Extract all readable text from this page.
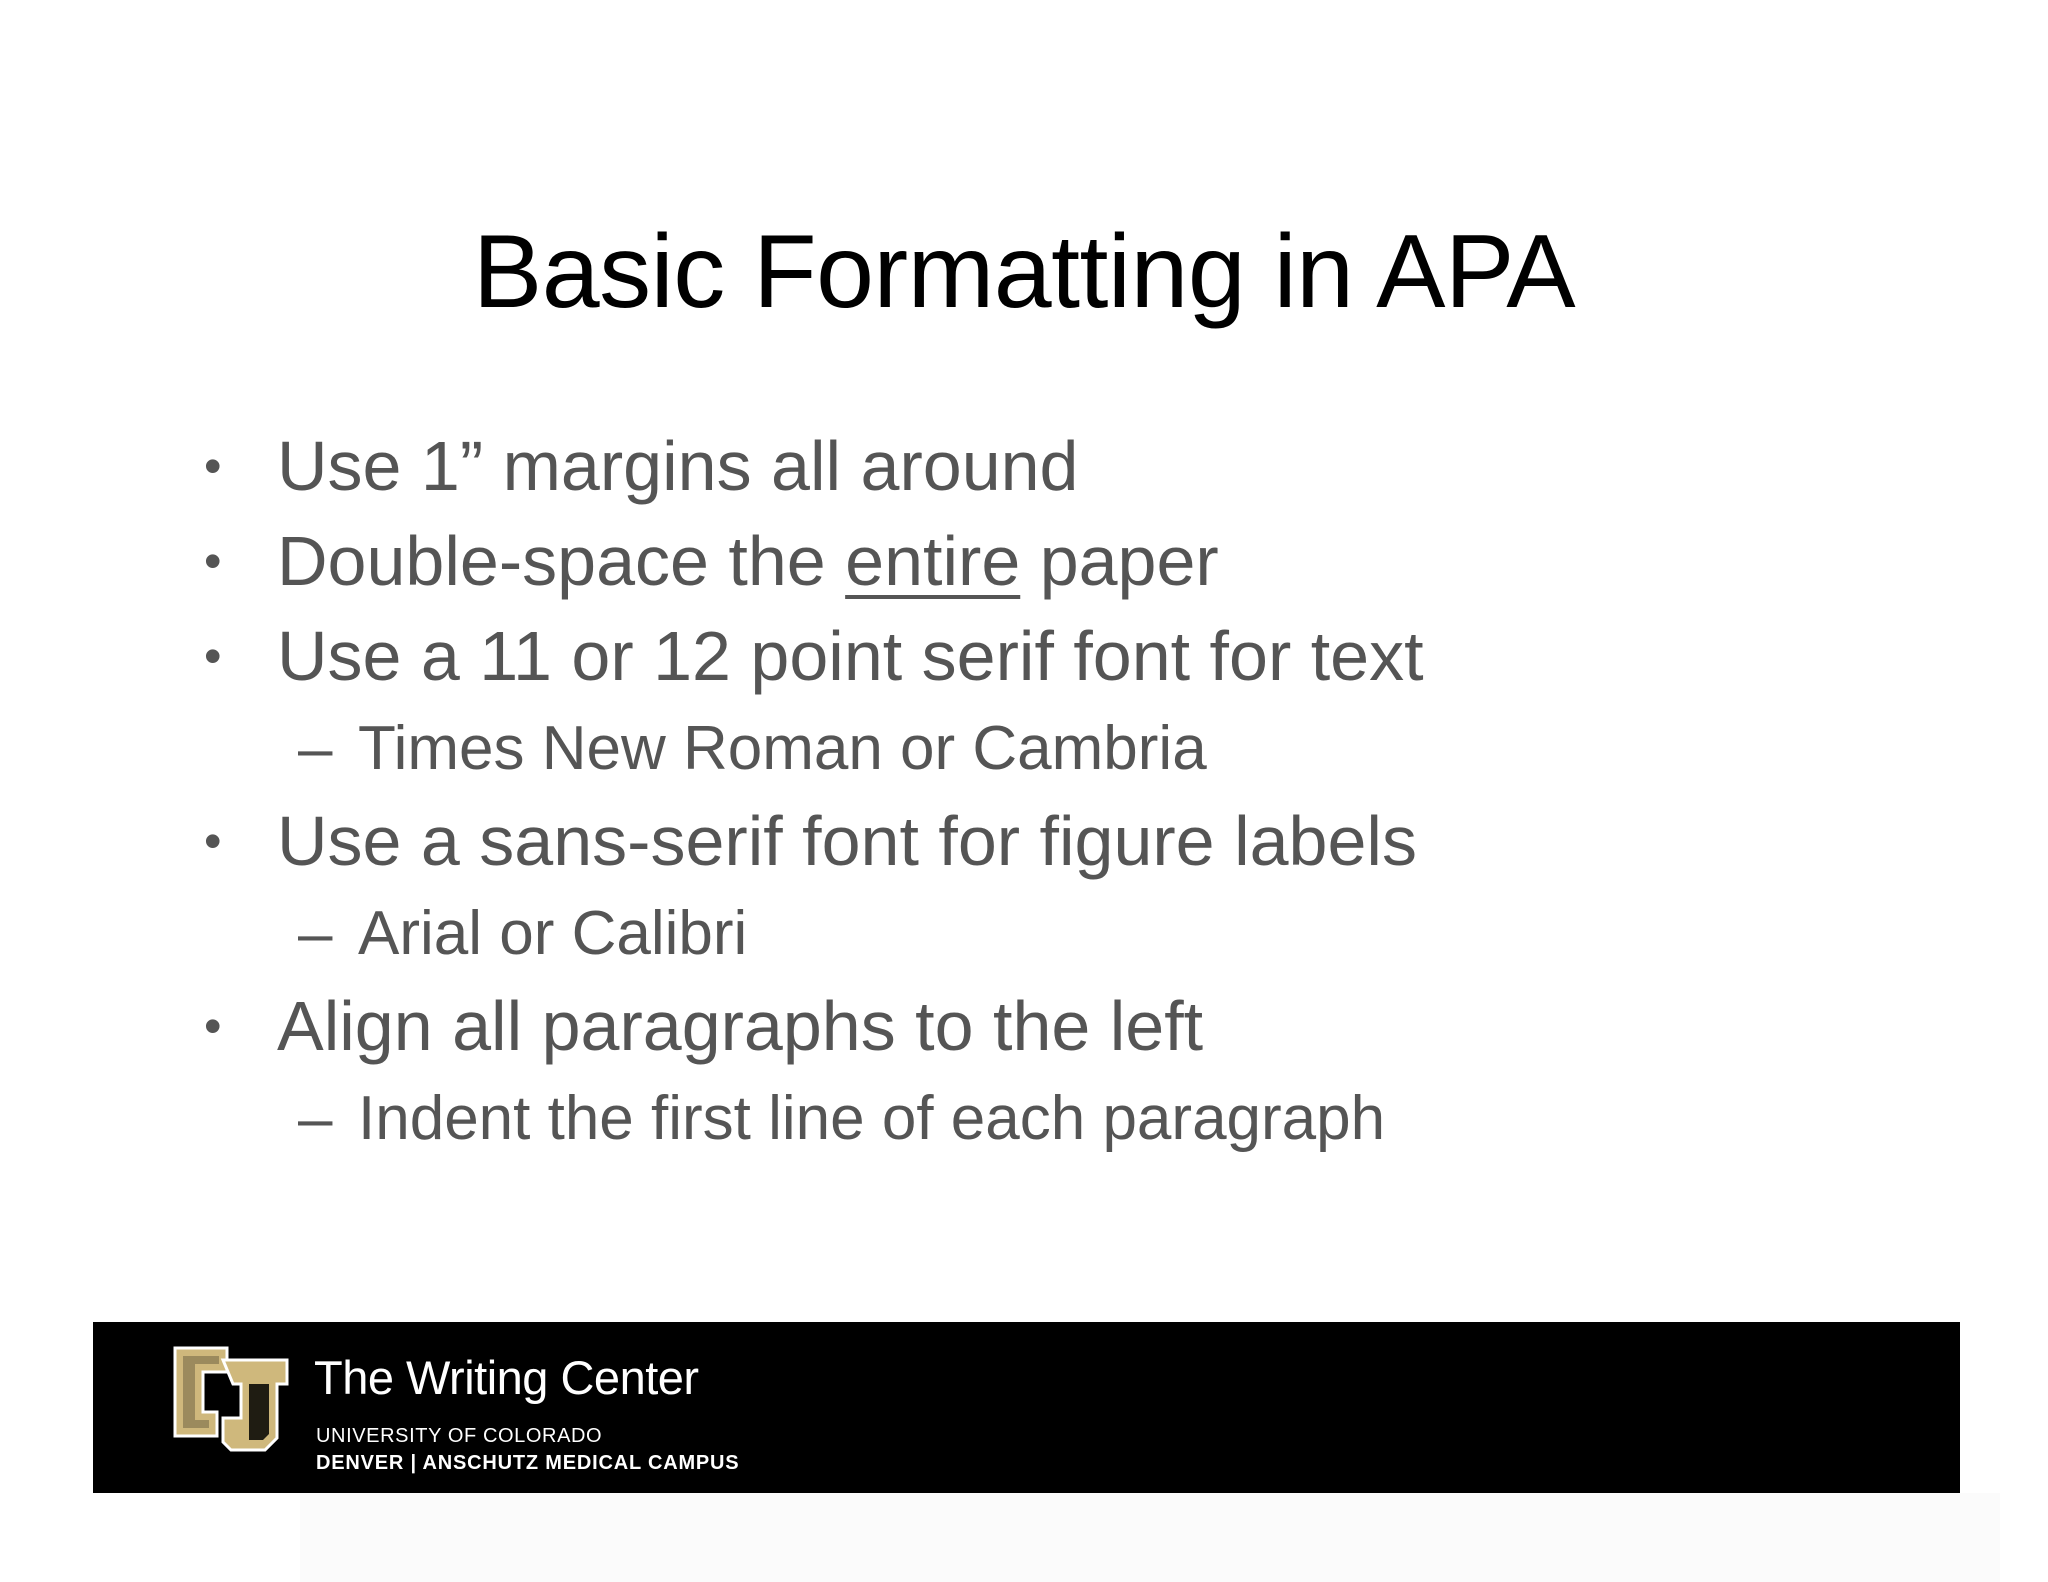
Basic Formatting in APA
• Use 1” margins all around
• Double-space the entire paper
• Use a 11 or 12 point serif font for text
– Times New Roman or Cambria
• Use a sans-serif font for figure labels
– Arial or Calibri
• Align all paragraphs to the left
– Indent the first line of each paragraph
The Writing Center
UNIVERSITY OF COLORADO
DENVER | ANSCHUTZ MEDICAL CAMPUS
